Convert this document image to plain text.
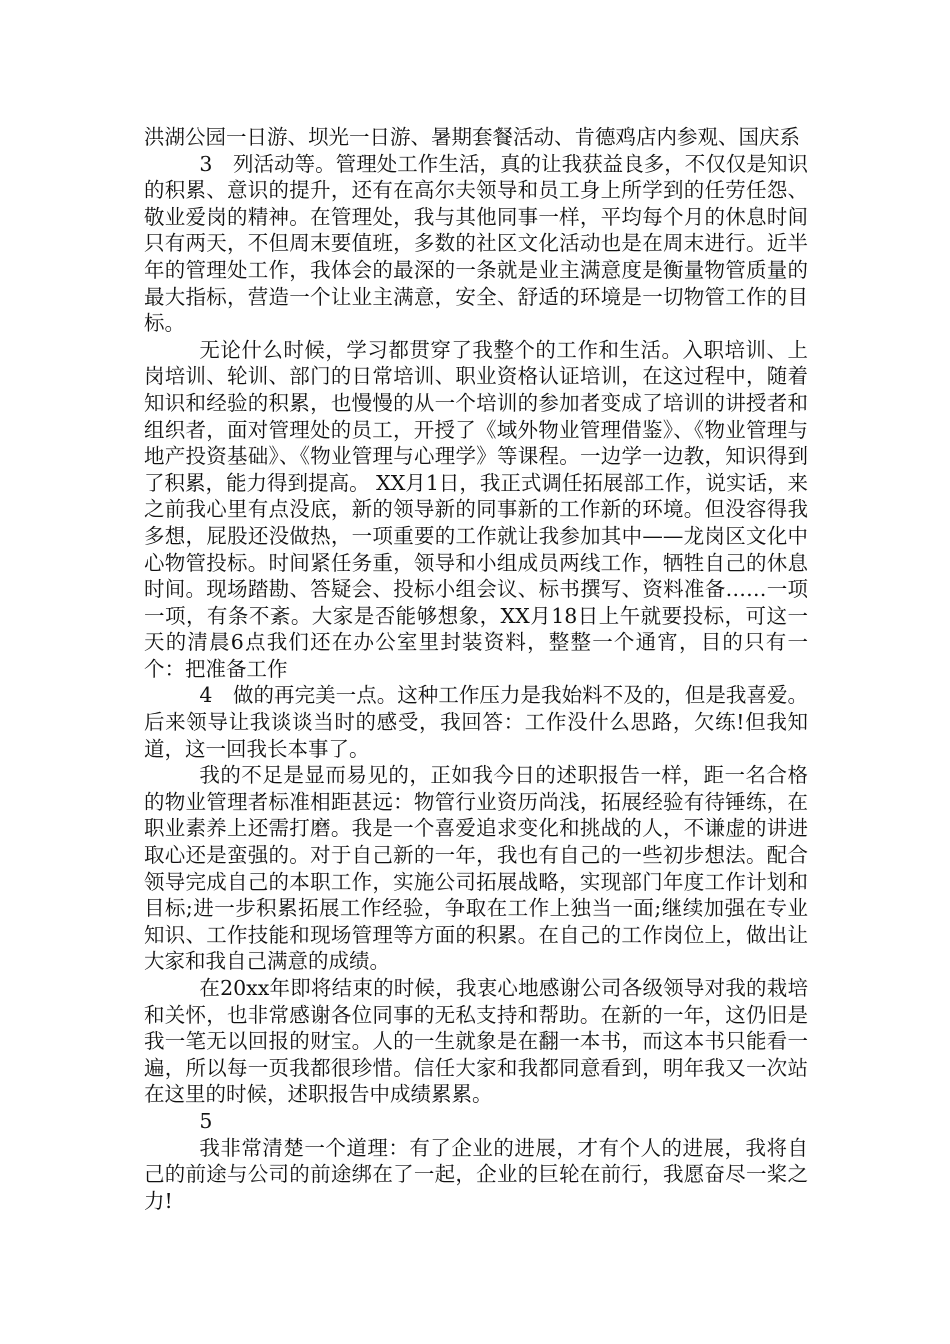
洪湖公园一日游、坝光一日游、暑期套餐活动、肯德鸡店内参观、国庆系

3　列活动等。管理处工作生活，真的让我获益良多，不仅仅是知识的积累、意识的提升，还有在高尔夫领导和员工身上所学到的任劳任怨、敬业爱岗的精神。在管理处，我与其他同事一样，平均每个月的休息时间只有两天，不但周末要值班，多数的社区文化活动也是在周末进行。近半年的管理处工作，我体会的最深的一条就是业主满意度是衡量物管质量的最大指标，营造一个让业主满意，安全、舒适的环境是一切物管工作的目标。

无论什么时候，学习都贯穿了我整个的工作和生活。入职培训、上岗培训、轮训、部门的日常培训、职业资格认证培训，在这过程中，随着知识和经验的积累，也慢慢的从一个培训的参加者变成了培训的讲授者和组织者，面对管理处的员工，开授了《域外物业管理借鉴》、《物业管理与地产投资基础》、《物业管理与心理学》等课程。一边学一边教，知识得到了积累，能力得到提高。 XX月1日，我正式调任拓展部工作，说实话，来之前我心里有点没底，新的领导新的同事新的工作新的环境。但没容得我多想，屁股还没做热，一项重要的工作就让我参加其中——龙岗区文化中心物管投标。时间紧任务重，领导和小组成员两线工作，牺牲自己的休息时间。现场踏勘、答疑会、投标小组会议、标书撰写、资料准备……一项一项，有条不紊。大家是否能够想象，XX月18日上午就要投标，可这一天的清晨6点我们还在办公室里封装资料，整整一个通宵，目的只有一个：把准备工作

4　做的再完美一点。这种工作压力是我始料不及的，但是我喜爱。后来领导让我谈谈当时的感受，我回答：工作没什么思路，欠练!但我知道，这一回我长本事了。

我的不足是显而易见的，正如我今日的述职报告一样，距一名合格的物业管理者标准相距甚远：物管行业资历尚浅，拓展经验有待锤练，在职业素养上还需打磨。我是一个喜爱追求变化和挑战的人，不谦虚的讲进取心还是蛮强的。对于自己新的一年，我也有自己的一些初步想法。配合领导完成自己的本职工作，实施公司拓展战略，实现部门年度工作计划和目标;进一步积累拓展工作经验，争取在工作上独当一面;继续加强在专业知识、工作技能和现场管理等方面的积累。在自己的工作岗位上，做出让大家和我自己满意的成绩。

在20xx年即将结束的时候，我衷心地感谢公司各级领导对我的栽培和关怀，也非常感谢各位同事的无私支持和帮助。在新的一年，这仍旧是我一笔无以回报的财宝。人的一生就象是在翻一本书，而这本书只能看一遍，所以每一页我都很珍惜。信任大家和我都同意看到，明年我又一次站在这里的时候，述职报告中成绩累累。

5

我非常清楚一个道理：有了企业的进展，才有个人的进展，我将自己的前途与公司的前途绑在了一起，企业的巨轮在前行，我愿奋尽一桨之力!
